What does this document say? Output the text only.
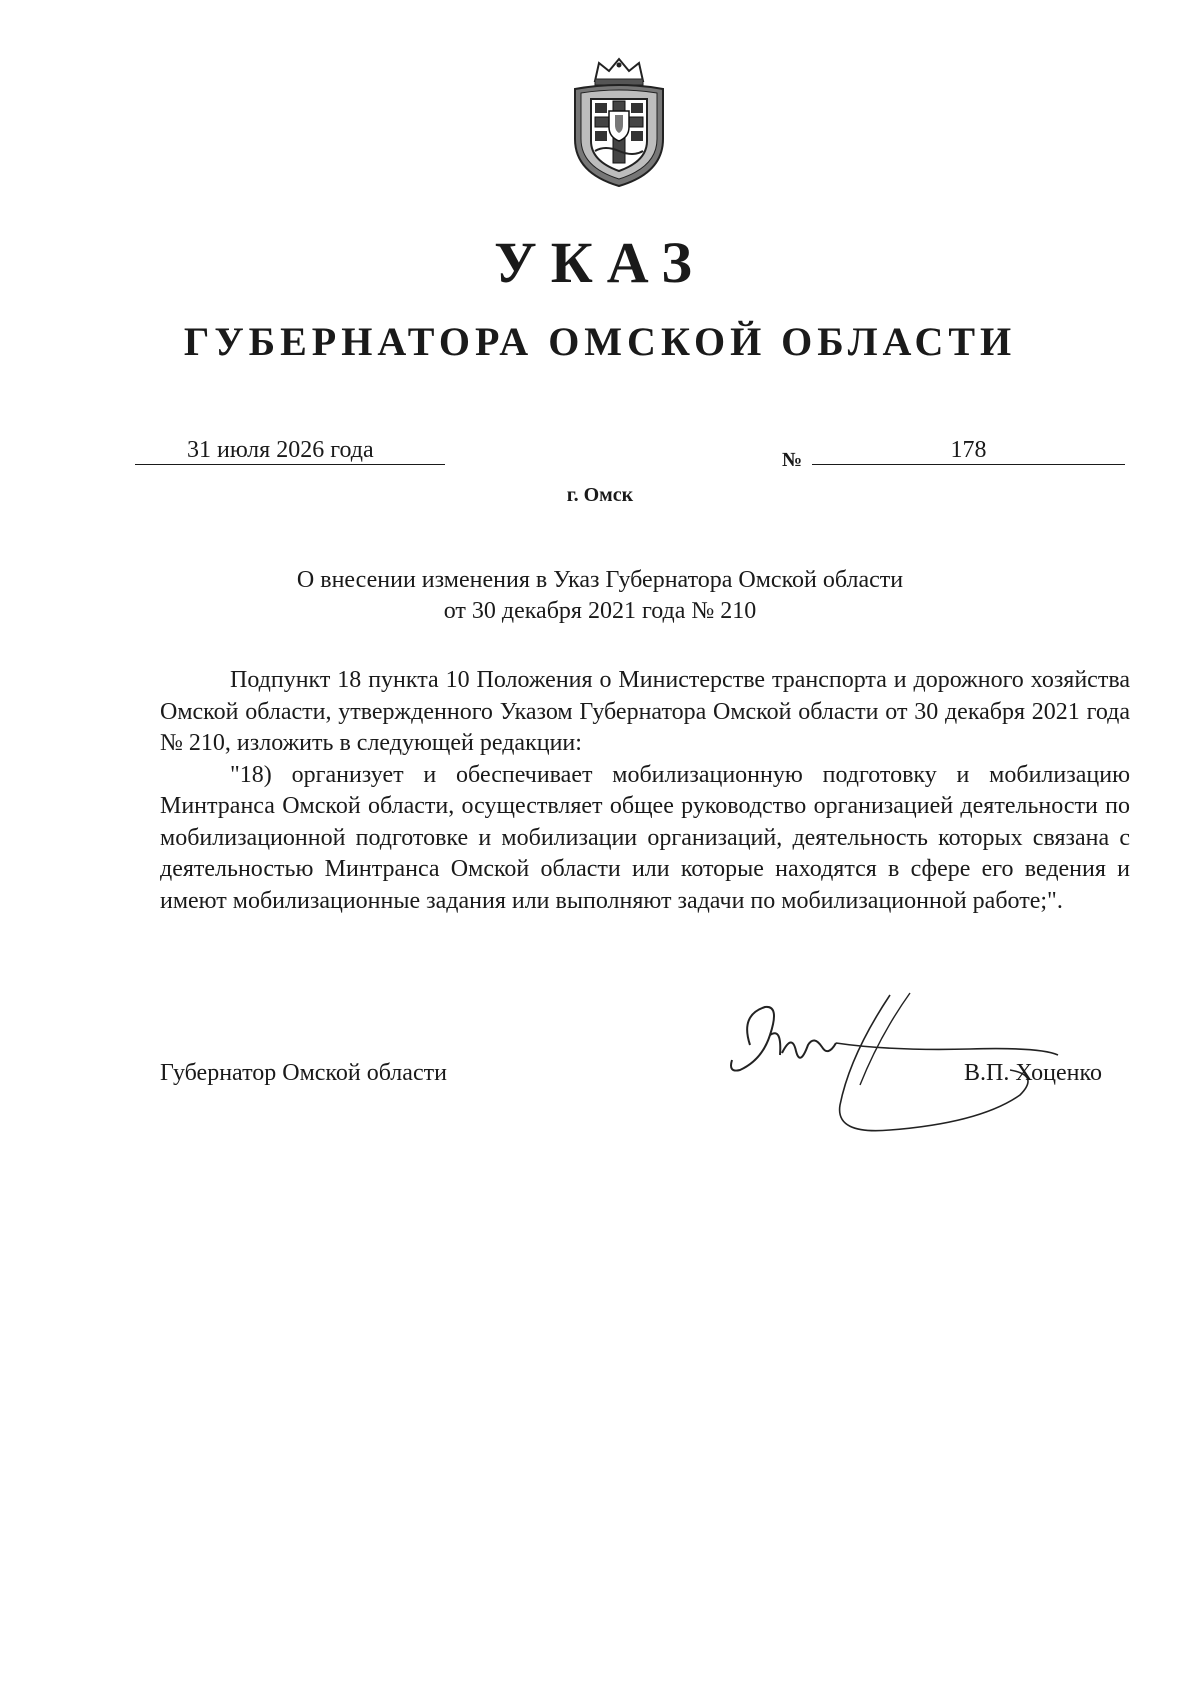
УКАЗ
ГУБЕРНАТОРА ОМСКОЙ ОБЛАСТИ
31 июля 2026 года	№	178
г. Омск
О внесении изменения в Указ Губернатора Омской области
от 30 декабря 2021 года № 210

Подпункт 18 пункта 10 Положения о Министерстве транспорта и дорожного хозяйства Омской области, утвержденного Указом Губернатора Омской области от 30 декабря 2021 года № 210, изложить в следующей редакции:

"18) организует и обеспечивает мобилизационную подготовку и мобилизацию Минтранса Омской области, осуществляет общее руководство организацией деятельности по мобилизационной подготовке и мобилизации организаций, деятельность которых связана с деятельностью Минтранса Омской области или которые находятся в сфере его ведения и имеют мобилизационные задания или выполняют задачи по мобилизационной работе;".

Губернатор Омской области	В.П. Хоценко
